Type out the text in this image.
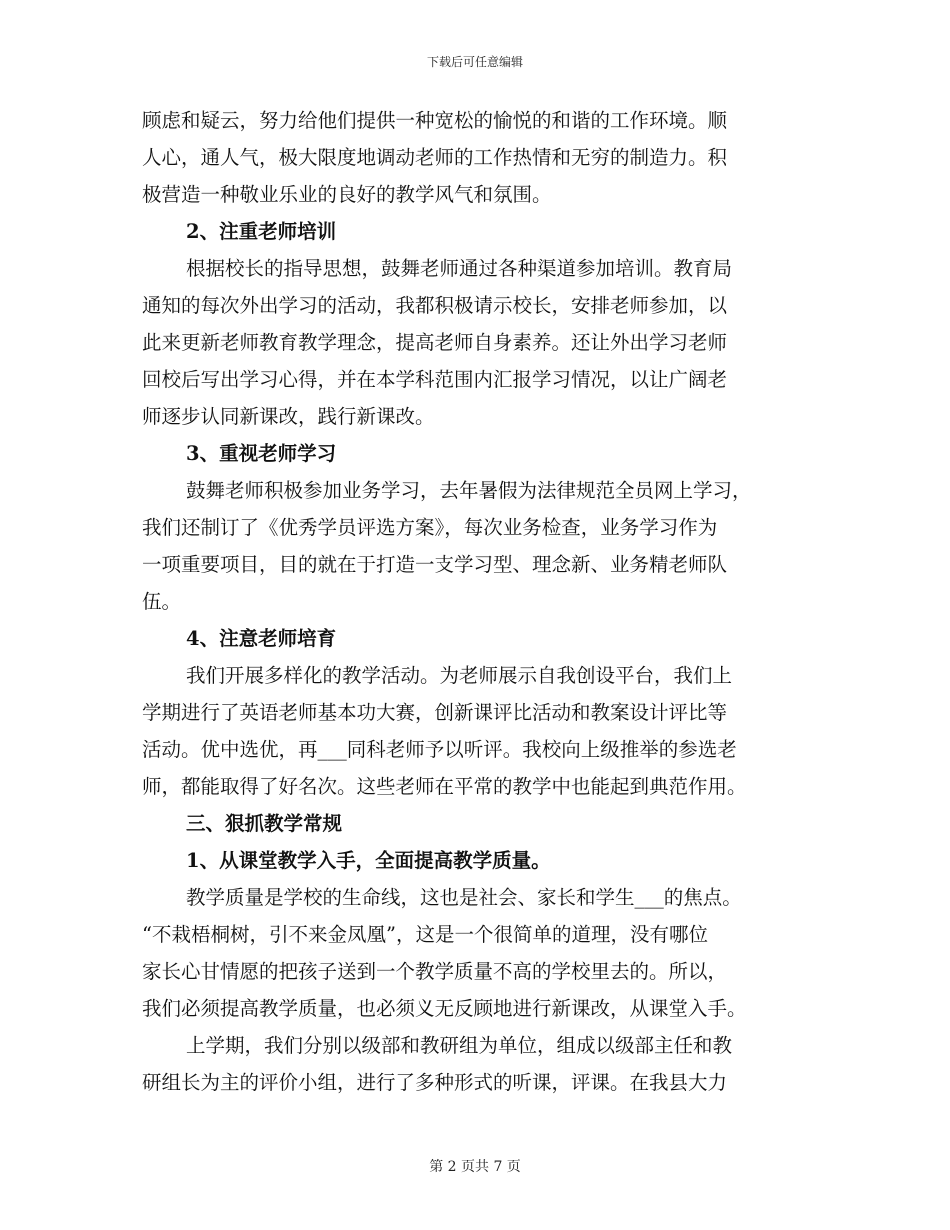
下载后可任意编辑
顾虑和疑云，努力给他们提供一种宽松的愉悦的和谐的工作环境。顺
人心，通人气，极大限度地调动老师的工作热情和无穷的制造力。积
极营造一种敬业乐业的良好的教学风气和氛围。
2、注重老师培训
根据校长的指导思想，鼓舞老师通过各种渠道参加培训。教育局
通知的每次外出学习的活动，我都积极请示校长，安排老师参加，以
此来更新老师教育教学理念，提高老师自身素养。还让外出学习老师
回校后写出学习心得，并在本学科范围内汇报学习情况，以让广阔老
师逐步认同新课改，践行新课改。
3、重视老师学习
鼓舞老师积极参加业务学习，去年暑假为法律规范全员网上学习，
我们还制订了《优秀学员评选方案》，每次业务检查，业务学习作为
一项重要项目，目的就在于打造一支学习型、理念新、业务精老师队
伍。
4、注意老师培育
我们开展多样化的教学活动。为老师展示自我创设平台，我们上
学期进行了英语老师基本功大赛，创新课评比活动和教案设计评比等
活动。优中选优，再___同科老师予以听评。我校向上级推举的参选老
师，都能取得了好名次。这些老师在平常的教学中也能起到典范作用。
三、狠抓教学常规
1、从课堂教学入手，全面提高教学质量。
教学质量是学校的生命线，这也是社会、家长和学生___的焦点。
“不栽梧桐树，引不来金凤凰”，这是一个很简单的道理，没有哪位
家长心甘情愿的把孩子送到一个教学质量不高的学校里去的。所以，
我们必须提高教学质量，也必须义无反顾地进行新课改，从课堂入手。
上学期，我们分别以级部和教研组为单位，组成以级部主任和教
研组长为主的评价小组，进行了多种形式的听课，评课。在我县大力
第 2 页共 7 页
